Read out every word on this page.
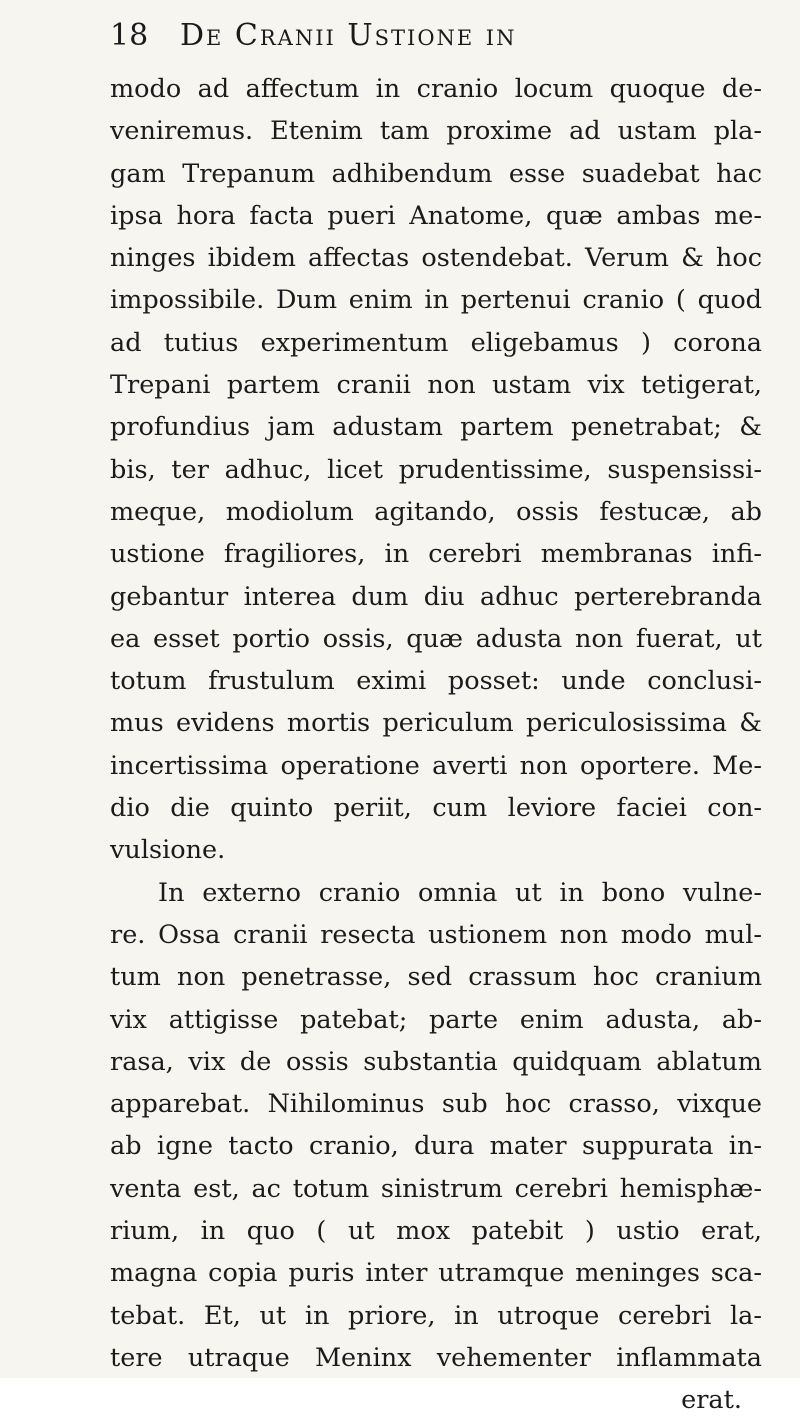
18	De Cranii Ustione in
modo ad affectum in cranio locum quoque de-
veniremus. Etenim tam proxime ad ustam pla-
gam Trepanum adhibendum esse suadebat hac
ipsa hora facta pueri Anatome, quæ ambas me-
ninges ibidem affectas ostendebat. Verum & hoc
impossibile. Dum enim in pertenui cranio ( quod
ad tutius experimentum eligebamus ) corona
Trepani partem cranii non ustam vix tetigerat,
profundius jam adustam partem penetrabat; &
bis, ter adhuc, licet prudentissime, suspensissi-
meque, modiolum agitando, ossis festucæ, ab
ustione fragiliores, in cerebri membranas infi-
gebantur interea dum diu adhuc perterebranda
ea esset portio ossis, quæ adusta non fuerat, ut
totum frustulum eximi posset: unde conclusi-
mus evidens mortis periculum periculosissima &
incertissima operatione averti non oportere. Me-
dio die quinto periit, cum leviore faciei con-
vulsione.
In externo cranio omnia ut in bono vulne-
re. Ossa cranii resecta ustionem non modo mul-
tum non penetrasse, sed crassum hoc cranium
vix attigisse patebat; parte enim adusta, ab-
rasa, vix de ossis substantia quidquam ablatum
apparebat. Nihilominus sub hoc crasso, vixque
ab igne tacto cranio, dura mater suppurata in-
venta est, ac totum sinistrum cerebri hemisphæ-
rium, in quo ( ut mox patebit ) ustio erat,
magna copia puris inter utramque meninges sca-
tebat. Et, ut in priore, in utroque cerebri la-
tere utraque Meninx vehementer inflammata
erat.
